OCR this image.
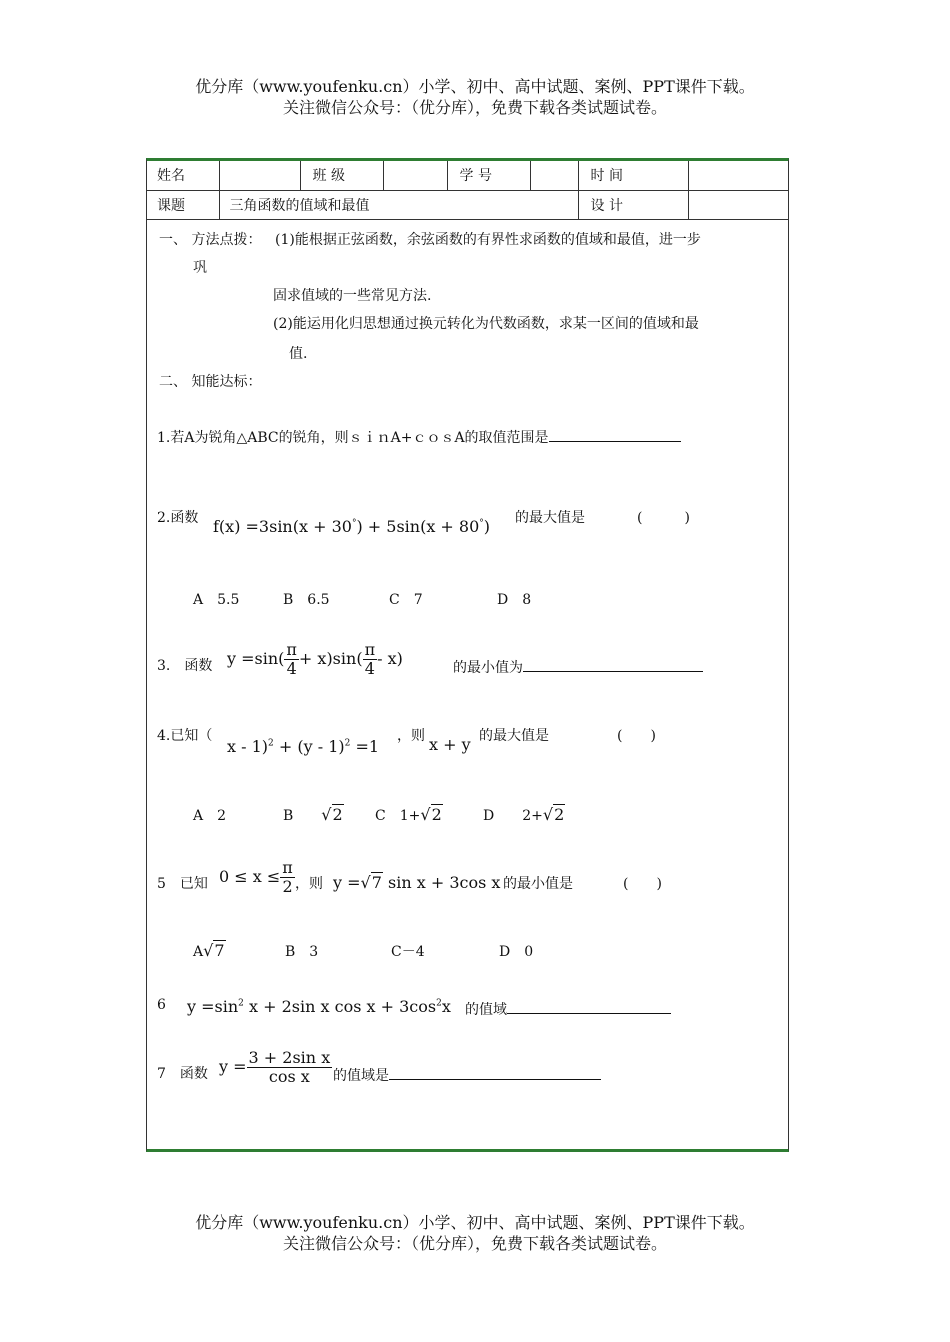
优分库（www.youfenku.cn）小学、初中、高中试题、案例、PPT课件下载。
关注微信公众号：（优分库），免费下载各类试题试卷。
姓名		班 级		学 号		时 间	
课题	三角函数的值域和最值					设 计	
一、 方法点拨： (1)能根据正弦函数，余弦函数的有界性求函数的值域和最值，进一步
巩
固求值域的一些常见方法.
(2)能运用化归思想通过换元转化为代数函数，求某一区间的值域和最
值.
二、 知能达标：
1.若A为锐角△ABC的锐角，则ｓｉｎA+ｃｏｓA的取值范围是
2.函数 f(x) =3sin(x + 30°) + 5sin(x + 80°) 的最大值是	(　　　)
A　5.5	B　6.5	C　7	D　8
3.　函数 $y =\sin( \frac{\pi}{4} + x)\sin( \frac{\pi}{4} - x)$	的最小值为
4.已知（
x - 1)$^2$ + (y - 1)$^2$ =1
，则 x + y 的最大值是	(　　)
A　2	B　　 √2 C　1+√2	D　　 2+√2
5　已知 $0 \le x \le \frac{\pi}{2}$ ，则 y =√7 sin x + 3cos x 的最小值是	(　　)
A√7	B　3	C－4	D　0
6 $y =\sin^2$ x + 2sin x $\cos x + 3\cos^2x$ 的值域
7　函数 $y = \frac{\text{3 + 2sin x}}{\text{cos x}}$ 的值域是
优分库（www.youfenku.cn）小学、初中、高中试题、案例、PPT课件下载。
关注微信公众号：（优分库），免费下载各类试题试卷。
